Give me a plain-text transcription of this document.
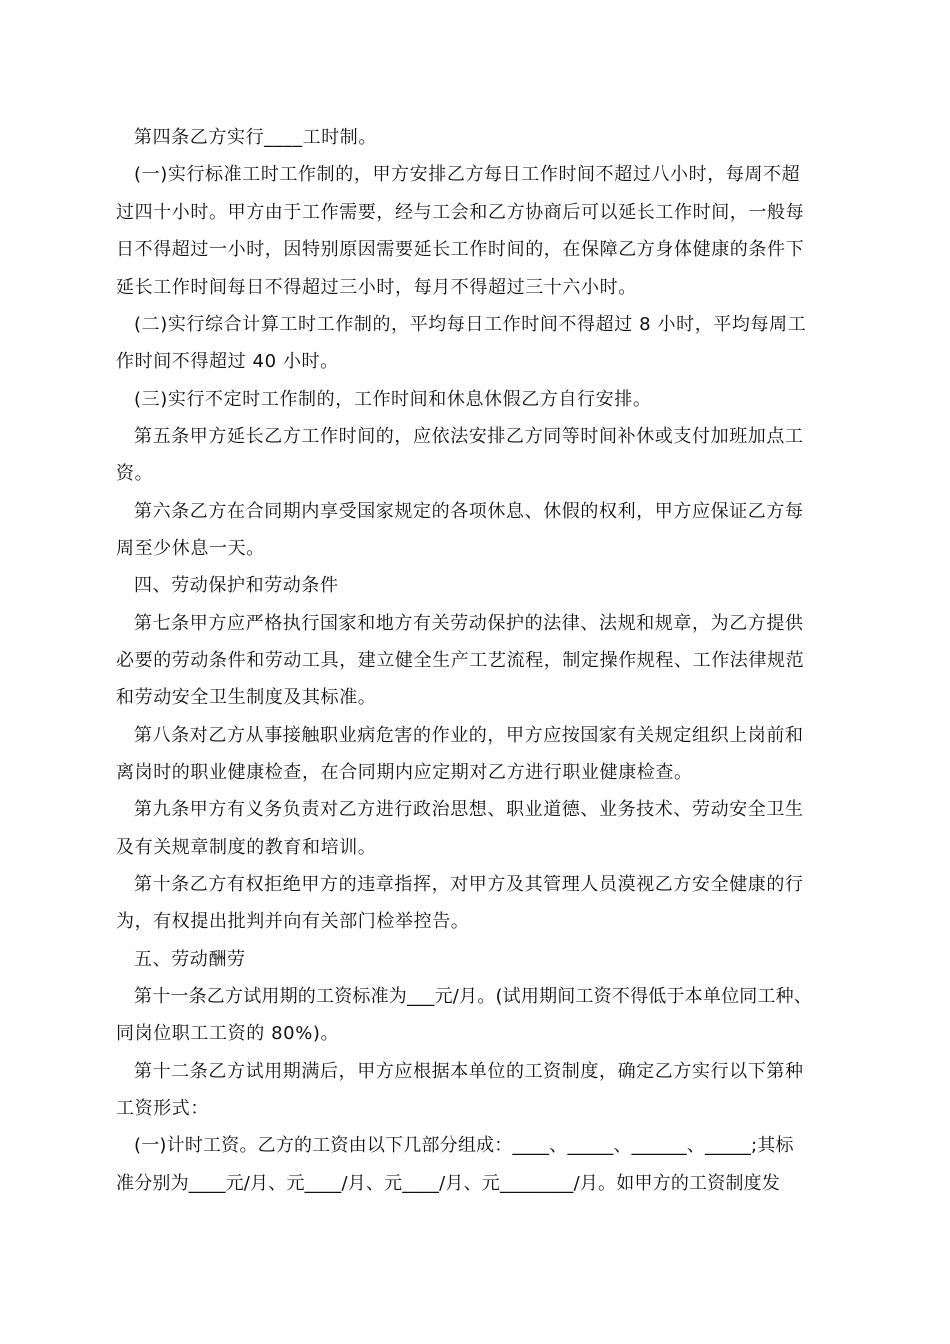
第四条乙方实行____工时制。
(一)实行标准工时工作制的，甲方安排乙方每日工作时间不超过八小时，每周不超
过四十小时。甲方由于工作需要，经与工会和乙方协商后可以延长工作时间，一般每
日不得超过一小时，因特别原因需要延长工作时间的，在保障乙方身体健康的条件下
延长工作时间每日不得超过三小时，每月不得超过三十六小时。
(二)实行综合计算工时工作制的，平均每日工作时间不得超过 8 小时，平均每周工
作时间不得超过 40 小时。
(三)实行不定时工作制的，工作时间和休息休假乙方自行安排。
第五条甲方延长乙方工作时间的，应依法安排乙方同等时间补休或支付加班加点工
资。
第六条乙方在合同期内享受国家规定的各项休息、休假的权利，甲方应保证乙方每
周至少休息一天。
四、劳动保护和劳动条件
第七条甲方应严格执行国家和地方有关劳动保护的法律、法规和规章，为乙方提供
必要的劳动条件和劳动工具，建立健全生产工艺流程，制定操作规程、工作法律规范
和劳动安全卫生制度及其标准。
第八条对乙方从事接触职业病危害的作业的，甲方应按国家有关规定组织上岗前和
离岗时的职业健康检查，在合同期内应定期对乙方进行职业健康检查。
第九条甲方有义务负责对乙方进行政治思想、职业道德、业务技术、劳动安全卫生
及有关规章制度的教育和培训。
第十条乙方有权拒绝甲方的违章指挥，对甲方及其管理人员漠视乙方安全健康的行
为，有权提出批判并向有关部门检举控告。
五、劳动酬劳
第十一条乙方试用期的工资标准为___元/月。(试用期间工资不得低于本单位同工种、
同岗位职工工资的 80%)。
第十二条乙方试用期满后，甲方应根据本单位的工资制度，确定乙方实行以下第种
工资形式：
(一)计时工资。乙方的工资由以下几部分组成：____、_____、______、_____;其标
准分别为____元/月、元____/月、元____/月、元________/月。如甲方的工资制度发
